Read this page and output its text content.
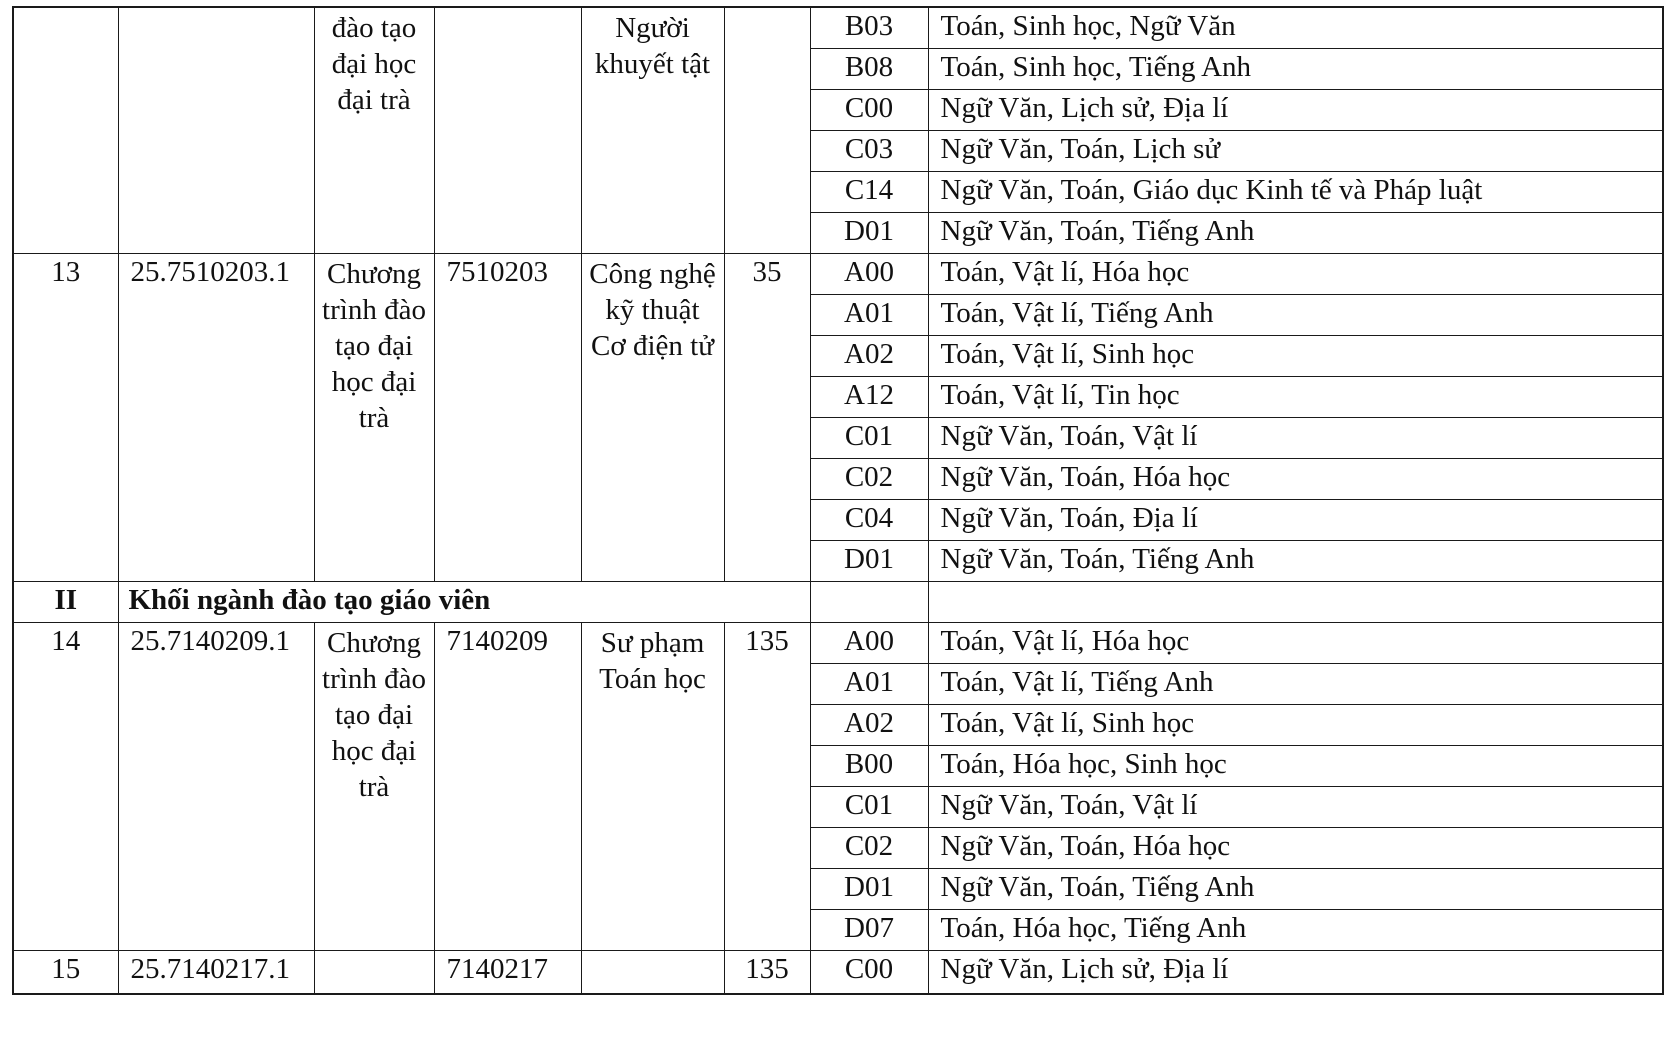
		đào tạo đại học đại trà		Người khuyết tật		B03	Toán, Sinh học, Ngữ Văn
						B08	Toán, Sinh học, Tiếng Anh
						C00	Ngữ Văn, Lịch sử, Địa lí
						C03	Ngữ Văn, Toán, Lịch sử
						C14	Ngữ Văn, Toán, Giáo dục Kinh tế và Pháp luật
						D01	Ngữ Văn, Toán, Tiếng Anh
13	25.7510203.1	Chương trình đào tạo đại học đại trà	7510203	Công nghệ kỹ thuật Cơ điện tử	35	A00	Toán, Vật lí, Hóa học
						A01	Toán, Vật lí, Tiếng Anh
						A02	Toán, Vật lí, Sinh học
						A12	Toán, Vật lí, Tin học
						C01	Ngữ Văn, Toán, Vật lí
						C02	Ngữ Văn, Toán, Hóa học
						C04	Ngữ Văn, Toán, Địa lí
						D01	Ngữ Văn, Toán, Tiếng Anh
II	Khối ngành đào tạo giáo viên						
14	25.7140209.1	Chương trình đào tạo đại học đại trà	7140209	Sư phạm Toán học	135	A00	Toán, Vật lí, Hóa học
						A01	Toán, Vật lí, Tiếng Anh
						A02	Toán, Vật lí, Sinh học
						B00	Toán, Hóa học, Sinh học
						C01	Ngữ Văn, Toán, Vật lí
						C02	Ngữ Văn, Toán, Hóa học
						D01	Ngữ Văn, Toán, Tiếng Anh
						D07	Toán, Hóa học, Tiếng Anh
15	25.7140217.1		7140217		135	C00	Ngữ Văn, Lịch sử, Địa lí
